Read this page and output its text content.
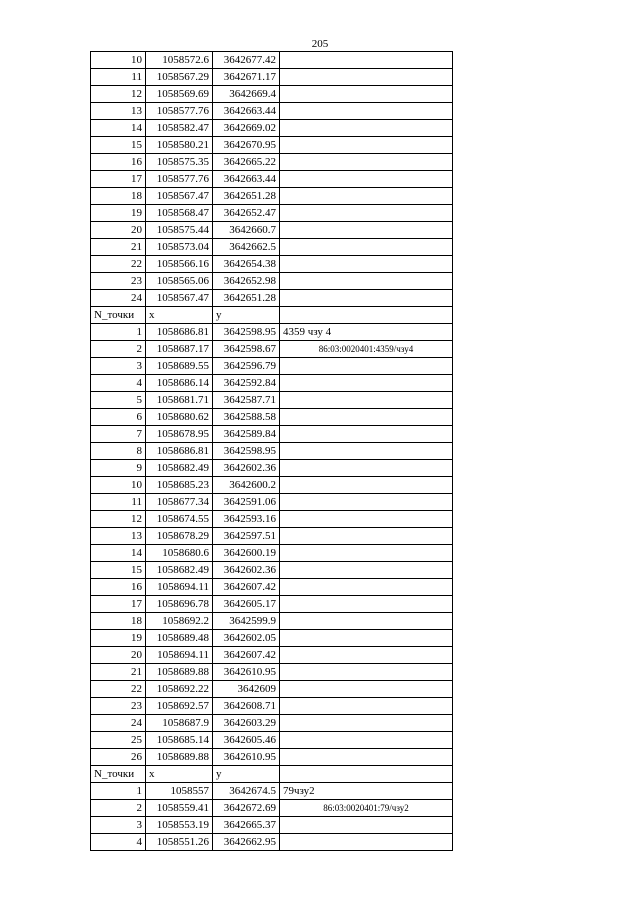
205
10	1058572.6	3642677.42	
11	1058567.29	3642671.17	
12	1058569.69	3642669.4	
13	1058577.76	3642663.44	
14	1058582.47	3642669.02	
15	1058580.21	3642670.95	
16	1058575.35	3642665.22	
17	1058577.76	3642663.44	
18	1058567.47	3642651.28	
19	1058568.47	3642652.47	
20	1058575.44	3642660.7	
21	1058573.04	3642662.5	
22	1058566.16	3642654.38	
23	1058565.06	3642652.98	
24	1058567.47	3642651.28	
N_точки	x	y	
1	1058686.81	3642598.95	4359 чзу 4
2	1058687.17	3642598.67	86:03:0020401:4359/чзу4

3	1058689.55	3642596.79	
4	1058686.14	3642592.84	
5	1058681.71	3642587.71	
6	1058680.62	3642588.58	
7	1058678.95	3642589.84	
8	1058686.81	3642598.95	
9	1058682.49	3642602.36	
10	1058685.23	3642600.2	
11	1058677.34	3642591.06	
12	1058674.55	3642593.16	
13	1058678.29	3642597.51	
14	1058680.6	3642600.19	
15	1058682.49	3642602.36	
16	1058694.11	3642607.42	
17	1058696.78	3642605.17	
18	1058692.2	3642599.9	
19	1058689.48	3642602.05	
20	1058694.11	3642607.42	
21	1058689.88	3642610.95	
22	1058692.22	3642609	
23	1058692.57	3642608.71	
24	1058687.9	3642603.29	
25	1058685.14	3642605.46	
26	1058689.88	3642610.95	
N_точки	x	y	
1	1058557	3642674.5	79чзу2
2	1058559.41	3642672.69	86:03:0020401:79/чзу2

3	1058553.19	3642665.37	
4	1058551.26	3642662.95	
